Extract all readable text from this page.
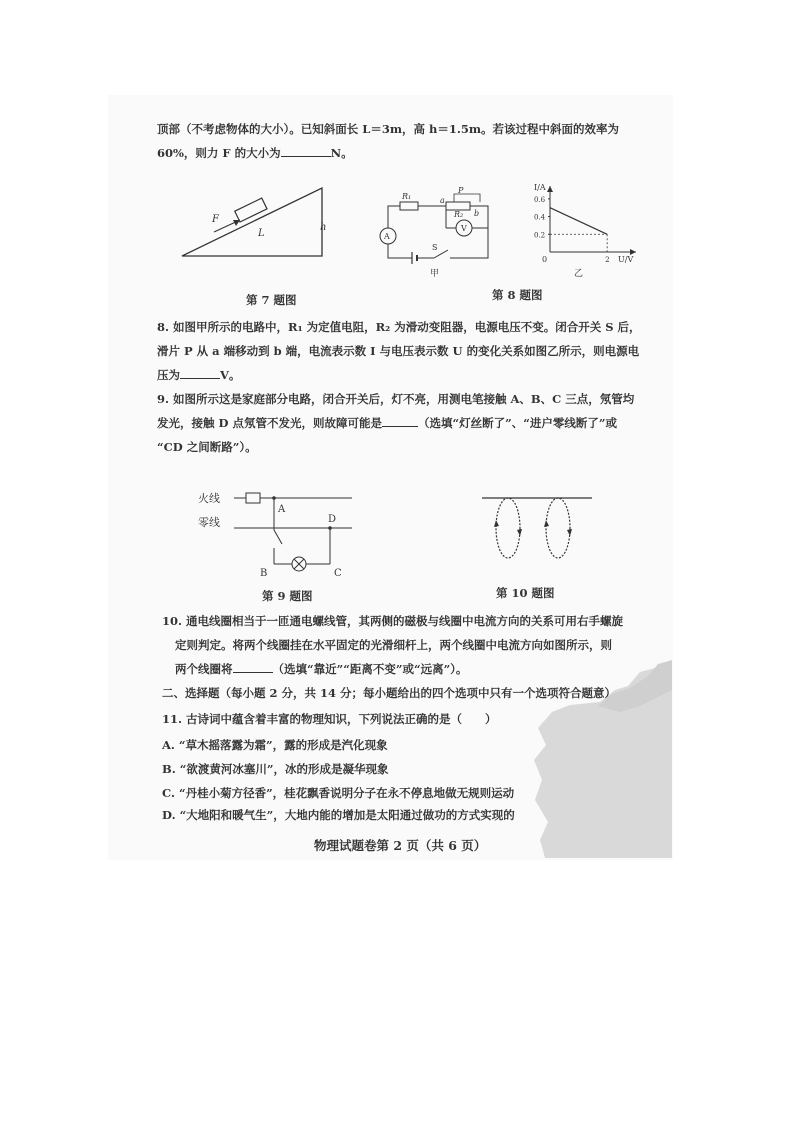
顶部（不考虑物体的大小）。已知斜面长 L＝3m，高 h＝1.5m。若该过程中斜面的效率为
60%，则力 F 的大小为	N。
F
L
h
第 7 题图
R₁
R₂
P
a
b
A
V
S
甲
I/A
U/V
0
0.6
0.4
0.2
2
乙
第 8 题图
8. 如图甲所示的电路中，R₁ 为定值电阻，R₂ 为滑动变阻器，电源电压不变。闭合开关 S 后，
滑片 P 从 a 端移动到 b 端，电流表示数 I 与电压表示数 U 的变化关系如图乙所示，则电源电
压为	V。
9. 如图所示这是家庭部分电路，闭合开关后，灯不亮，用测电笔接触 A、B、C 三点，氖管均
发光，接触 D 点氖管不发光，则故障可能是	（选填“灯丝断了”、“进户零线断了”或
“CD 之间断路”）。
火线
零线
A
B	C
D
第 9 题图	第 10 题图
10. 通电线圈相当于一匝通电螺线管，其两侧的磁极与线圈中电流方向的关系可用右手螺旋
定则判定。将两个线圈挂在水平固定的光滑细杆上，两个线圈中电流方向如图所示，则
两个线圈将	（选填“靠近”“距离不变”或“远离”）。
二、选择题（每小题 2 分，共 14 分；每小题给出的四个选项中只有一个选项符合题意）
11. 古诗词中蕴含着丰富的物理知识，下列说法正确的是（　　）
A. “草木摇落露为霜”，露的形成是汽化现象
B. “欲渡黄河冰塞川”，冰的形成是凝华现象
C. “丹桂小菊方径香”，桂花飘香说明分子在永不停息地做无规则运动
D. “大地阳和暖气生”，大地内能的增加是太阳通过做功的方式实现的
物理试题卷第 2 页（共 6 页）
